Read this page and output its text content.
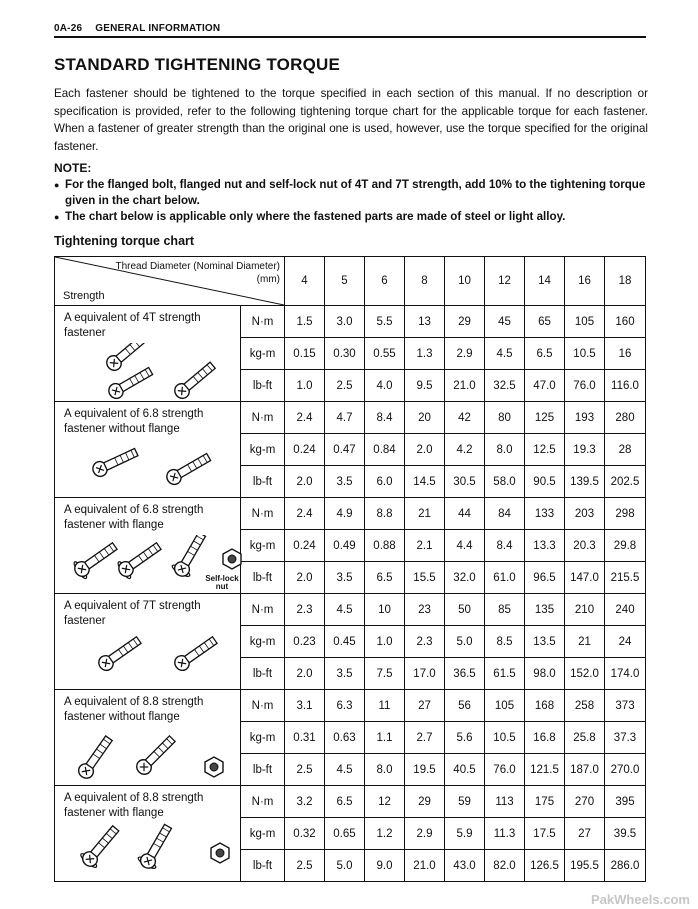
0A-26 GENERAL INFORMATION
STANDARD TIGHTENING TORQUE

Each fastener should be tightened to the torque specified in each section of this manual. If no description or specification is provided, refer to the following tightening torque chart for the applicable torque for each fastener. When a fastener of greater strength than the original one is used, however, use the torque specified for the original fastener.

NOTE:
● For the flanged bolt, flanged nut and self-lock nut of 4T and 7T strength, add 10% to the tightening torque given in the chart below.
● The chart below is applicable only where the fastened parts are made of steel or light alloy.
Tightening torque chart
Thread Diameter (Nominal Diameter)
(mm)
Strength		4	5	6	8	10	12	14	16	18

A equivalent of 4T strength fastener	N·m	1.5	3.0	5.5	13	29	45	65	105	160
	kg-m	0.15	0.30	0.55	1.3	2.9	4.5	6.5	10.5	16
	lb-ft	1.0	2.5	4.0	9.5	21.0	32.5	47.0	76.0	116.0

A equivalent of 6.8 strength fastener without flange	N·m	2.4	4.7	8.4	20	42	80	125	193	280
	kg-m	0.24	0.47	0.84	2.0	4.2	8.0	12.5	19.3	28
	lb-ft	2.0	3.5	6.0	14.5	30.5	58.0	90.5	139.5	202.5

A equivalent of 6.8 strength fastener with flange
Self-lock nut	N·m	2.4	4.9	8.8	21	44	84	133	203	298
	kg-m	0.24	0.49	0.88	2.1	4.4	8.4	13.3	20.3	29.8
	lb-ft	2.0	3.5	6.5	15.5	32.0	61.0	96.5	147.0	215.5

A equivalent of 7T strength fastener	N·m	2.3	4.5	10	23	50	85	135	210	240
	kg-m	0.23	0.45	1.0	2.3	5.0	8.5	13.5	21	24
	lb-ft	2.0	3.5	7.5	17.0	36.5	61.5	98.0	152.0	174.0

A equivalent of 8.8 strength fastener without flange	N·m	3.1	6.3	11	27	56	105	168	258	373
	kg-m	0.31	0.63	1.1	2.7	5.6	10.5	16.8	25.8	37.3
	lb-ft	2.5	4.5	8.0	19.5	40.5	76.0	121.5	187.0	270.0

A equivalent of 8.8 strength fastener with flange	N·m	3.2	6.5	12	29	59	113	175	270	395
	kg-m	0.32	0.65	1.2	2.9	5.9	11.3	17.5	27	39.5
	lb-ft	2.5	5.0	9.0	21.0	43.0	82.0	126.5	195.5	286.0
PakWheels.com
